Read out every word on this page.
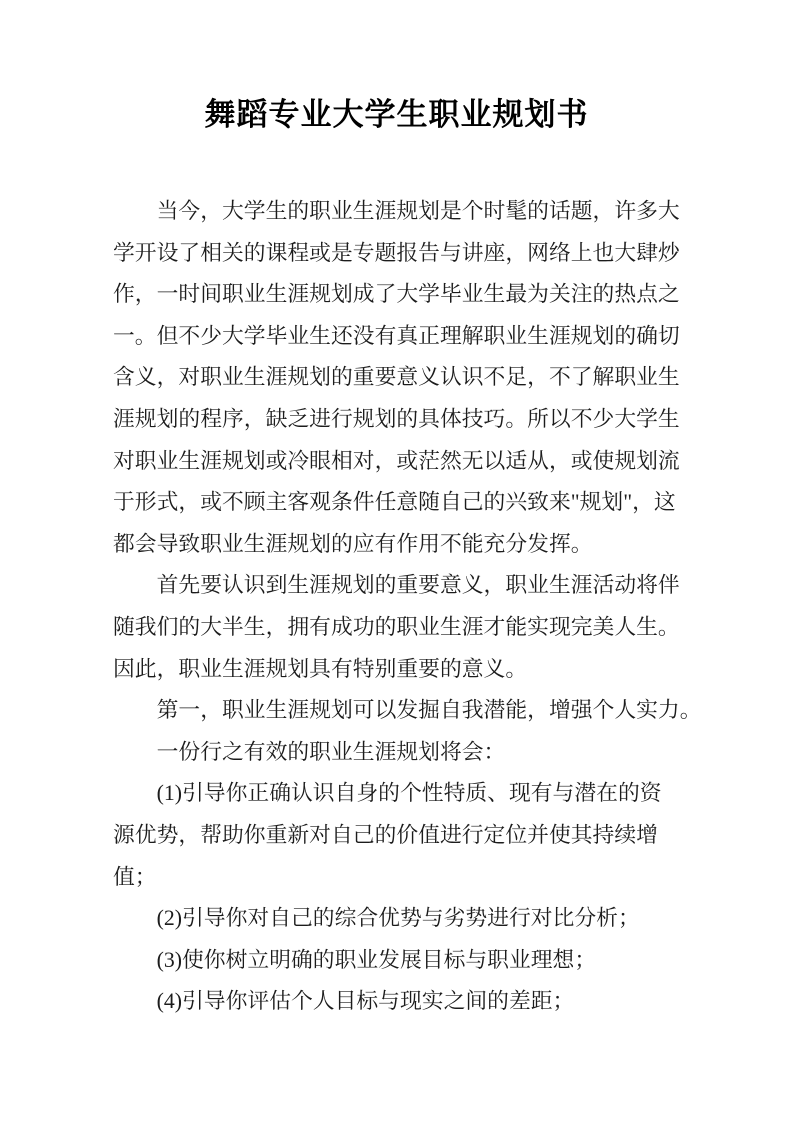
舞蹈专业大学生职业规划书
当今，大学生的职业生涯规划是个时髦的话题，许多大
学开设了相关的课程或是专题报告与讲座，网络上也大肆炒
作，一时间职业生涯规划成了大学毕业生最为关注的热点之
一。但不少大学毕业生还没有真正理解职业生涯规划的确切
含义，对职业生涯规划的重要意义认识不足，不了解职业生
涯规划的程序，缺乏进行规划的具体技巧。所以不少大学生
对职业生涯规划或冷眼相对，或茫然无以适从，或使规划流
于形式，或不顾主客观条件任意随自己的兴致来"规划"，这
都会导致职业生涯规划的应有作用不能充分发挥。
首先要认识到生涯规划的重要意义，职业生涯活动将伴
随我们的大半生，拥有成功的职业生涯才能实现完美人生。
因此，职业生涯规划具有特别重要的意义。
第一，职业生涯规划可以发掘自我潜能，增强个人实力。
一份行之有效的职业生涯规划将会：
(1)引导你正确认识自身的个性特质、现有与潜在的资
源优势，帮助你重新对自己的价值进行定位并使其持续增
值；
(2)引导你对自己的综合优势与劣势进行对比分析；
(3)使你树立明确的职业发展目标与职业理想；
(4)引导你评估个人目标与现实之间的差距；
